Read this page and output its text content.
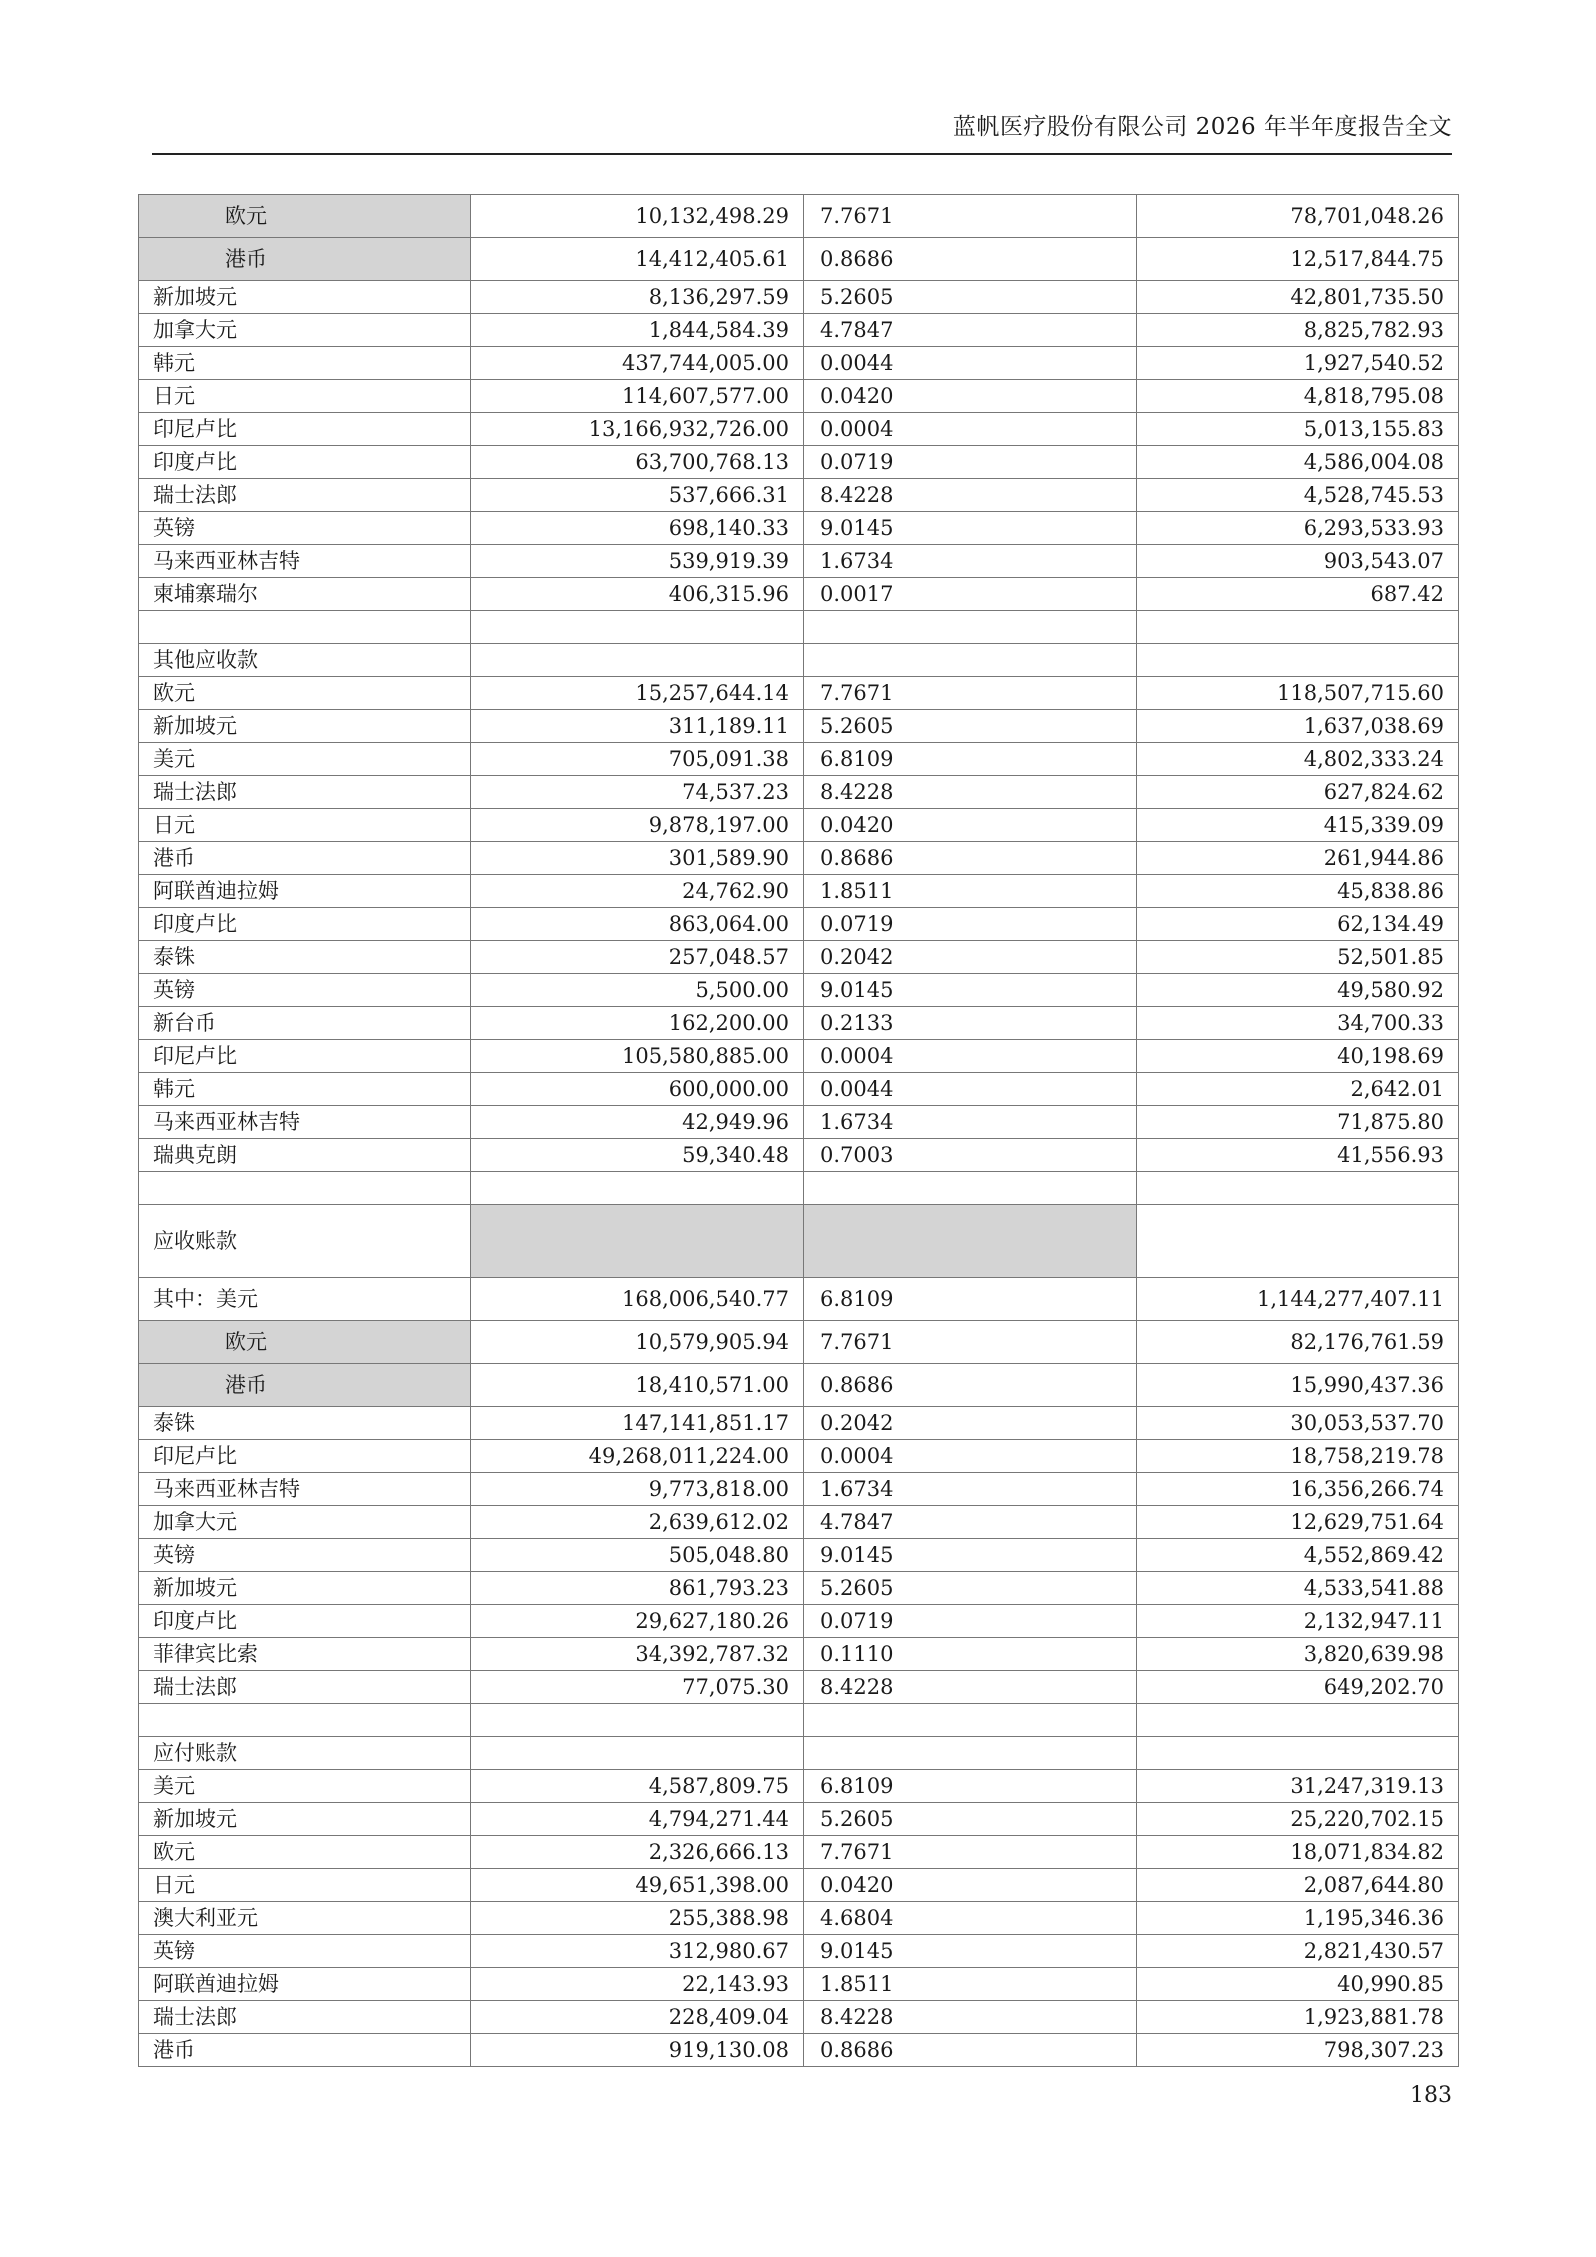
蓝帆医疗股份有限公司 2026 年半年度报告全文
欧元	10,132,498.29	7.7671	78,701,048.26
港币	14,412,405.61	0.8686	12,517,844.75
新加坡元	8,136,297.59	5.2605	42,801,735.50
加拿大元	1,844,584.39	4.7847	8,825,782.93
韩元	437,744,005.00	0.0044	1,927,540.52
日元	114,607,577.00	0.0420	4,818,795.08
印尼卢比	13,166,932,726.00	0.0004	5,013,155.83
印度卢比	63,700,768.13	0.0719	4,586,004.08
瑞士法郎	537,666.31	8.4228	4,528,745.53
英镑	698,140.33	9.0145	6,293,533.93
马来西亚林吉特	539,919.39	1.6734	903,543.07
柬埔寨瑞尔	406,315.96	0.0017	687.42

其他应收款			
欧元	15,257,644.14	7.7671	118,507,715.60
新加坡元	311,189.11	5.2605	1,637,038.69
美元	705,091.38	6.8109	4,802,333.24
瑞士法郎	74,537.23	8.4228	627,824.62
日元	9,878,197.00	0.0420	415,339.09
港币	301,589.90	0.8686	261,944.86
阿联酋迪拉姆	24,762.90	1.8511	45,838.86
印度卢比	863,064.00	0.0719	62,134.49
泰铢	257,048.57	0.2042	52,501.85
英镑	5,500.00	9.0145	49,580.92
新台币	162,200.00	0.2133	34,700.33
印尼卢比	105,580,885.00	0.0004	40,198.69
韩元	600,000.00	0.0044	2,642.01
马来西亚林吉特	42,949.96	1.6734	71,875.80
瑞典克朗	59,340.48	0.7003	41,556.93

应收账款			
其中：美元	168,006,540.77	6.8109	1,144,277,407.11
欧元	10,579,905.94	7.7671	82,176,761.59
港币	18,410,571.00	0.8686	15,990,437.36
泰铢	147,141,851.17	0.2042	30,053,537.70
印尼卢比	49,268,011,224.00	0.0004	18,758,219.78
马来西亚林吉特	9,773,818.00	1.6734	16,356,266.74
加拿大元	2,639,612.02	4.7847	12,629,751.64
英镑	505,048.80	9.0145	4,552,869.42
新加坡元	861,793.23	5.2605	4,533,541.88
印度卢比	29,627,180.26	0.0719	2,132,947.11
菲律宾比索	34,392,787.32	0.1110	3,820,639.98
瑞士法郎	77,075.30	8.4228	649,202.70

应付账款			
美元	4,587,809.75	6.8109	31,247,319.13
新加坡元	4,794,271.44	5.2605	25,220,702.15
欧元	2,326,666.13	7.7671	18,071,834.82
日元	49,651,398.00	0.0420	2,087,644.80
澳大利亚元	255,388.98	4.6804	1,195,346.36
英镑	312,980.67	9.0145	2,821,430.57
阿联酋迪拉姆	22,143.93	1.8511	40,990.85
瑞士法郎	228,409.04	8.4228	1,923,881.78
港币	919,130.08	0.8686	798,307.23
183
